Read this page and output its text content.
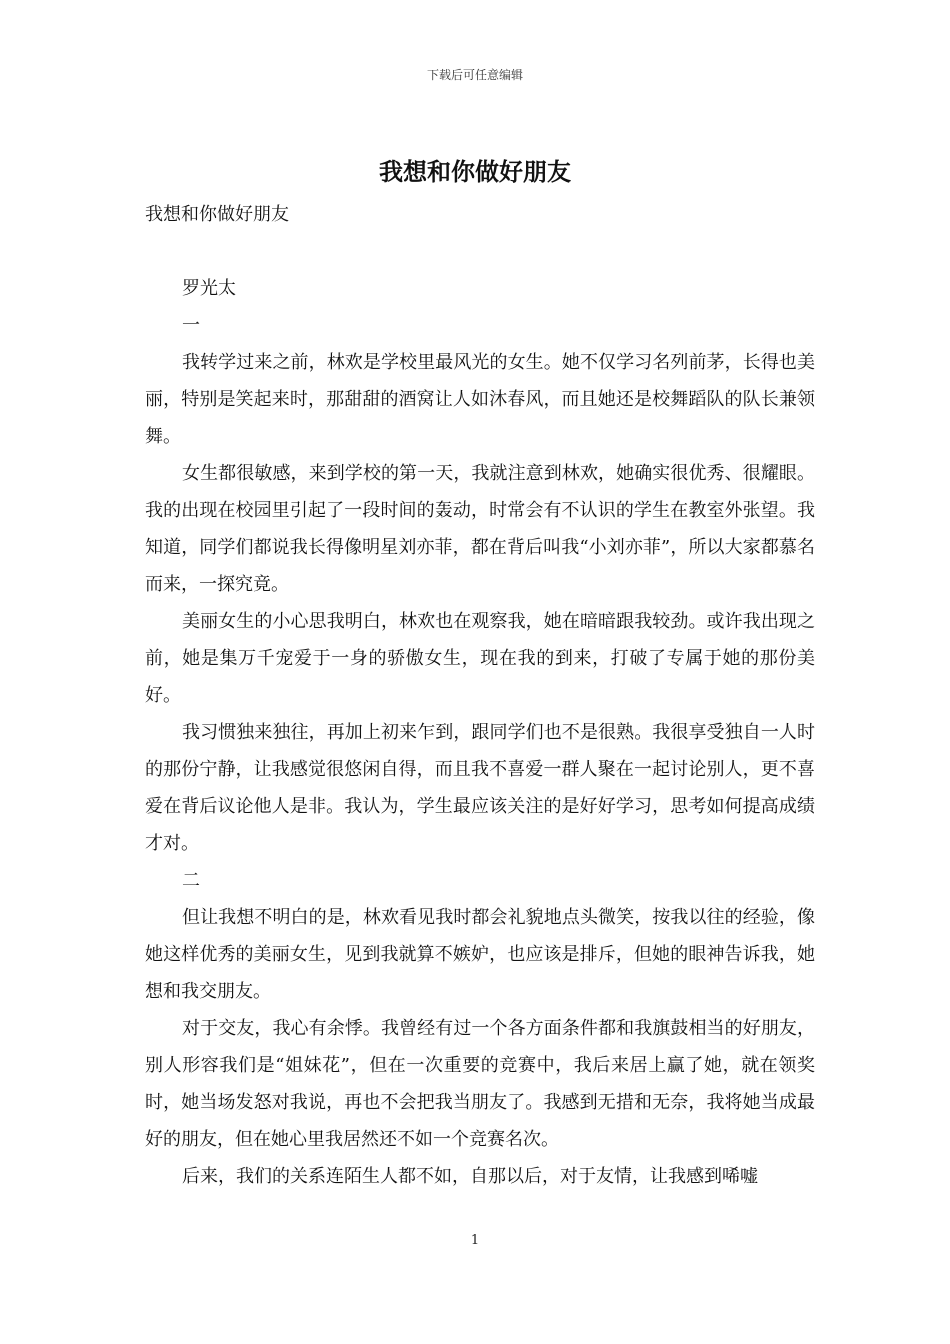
下载后可任意编辑
我想和你做好朋友

我想和你做好朋友

罗光太

一

我转学过来之前，林欢是学校里最风光的女生。她不仅学习名列前茅，长得也美丽，特别是笑起来时，那甜甜的酒窝让人如沐春风，而且她还是校舞蹈队的队长兼领舞。

女生都很敏感，来到学校的第一天，我就注意到林欢，她确实很优秀、很耀眼。我的出现在校园里引起了一段时间的轰动，时常会有不认识的学生在教室外张望。我知道，同学们都说我长得像明星刘亦菲，都在背后叫我“小刘亦菲”，所以大家都慕名而来，一探究竟。

美丽女生的小心思我明白，林欢也在观察我，她在暗暗跟我较劲。或许我出现之前，她是集万千宠爱于一身的骄傲女生，现在我的到来，打破了专属于她的那份美好。

我习惯独来独往，再加上初来乍到，跟同学们也不是很熟。我很享受独自一人时的那份宁静，让我感觉很悠闲自得，而且我不喜爱一群人聚在一起讨论别人，更不喜爱在背后议论他人是非。我认为，学生最应该关注的是好好学习，思考如何提高成绩才对。

二

但让我想不明白的是，林欢看见我时都会礼貌地点头微笑，按我以往的经验，像她这样优秀的美丽女生，见到我就算不嫉妒，也应该是排斥，但她的眼神告诉我，她想和我交朋友。

对于交友，我心有余悸。我曾经有过一个各方面条件都和我旗鼓相当的好朋友，别人形容我们是“姐妹花”，但在一次重要的竞赛中，我后来居上赢了她，就在领奖时，她当场发怒对我说，再也不会把我当朋友了。我感到无措和无奈，我将她当成最好的朋友，但在她心里我居然还不如一个竞赛名次。

后来，我们的关系连陌生人都不如，自那以后，对于友情，让我感到唏嘘

1
